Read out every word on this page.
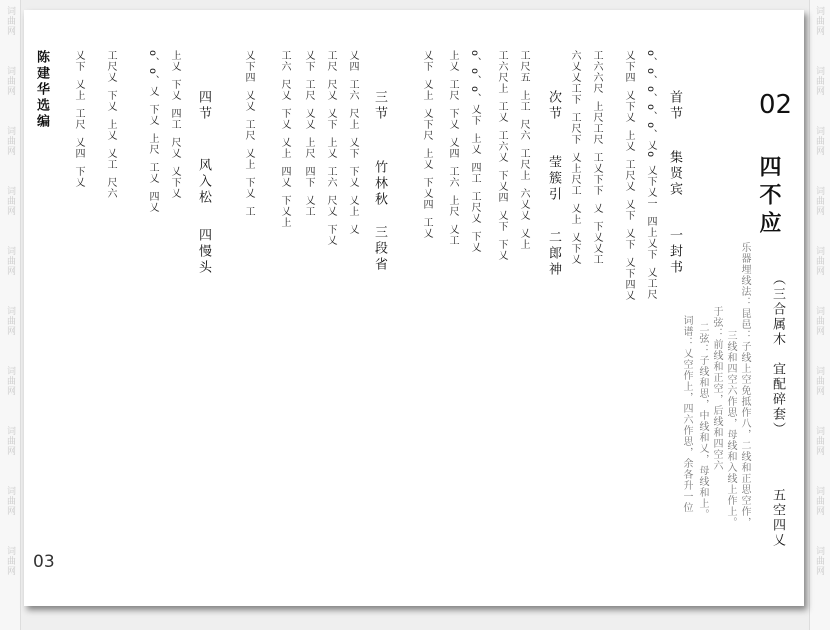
词曲网
词曲网
词曲网
词曲网
词曲网
词曲网
词曲网
词曲网
词曲网
词曲网
词曲网
词曲网
词曲网
词曲网
词曲网
词曲网
词曲网
词曲网
词曲网
词曲网
02
03
四不应
（三合属木　宜配碎套）
五空四乂
乐器埋线法：昆邑：子线上空免抵作八，二线和正思空作，
三线和四空六作思，母线和入线上作上。
于弦：前线和正空，后线和四空六
二弦：子线和思，中线和乂，母线和上。
词谱：乂空作上，四六作思，余各升一位
首节
集贤宾
一封书
次节
莹簇引
二郎神
三节
竹林秋
三段省
四节
风入松
四慢头
陈建华选编	o、o、o、o、o、乂o 乂下乂一 四上乂下 乂工尺
乂下四 乂下乂 上乂 工尺乂 乂下 乂下 乂下四乂
工六六尺 上尺工尺 工乂下下 乂 下乂乂工
六乂乂工下 工尺下 乂上尺工 乂上 乂下乂
工尺五 上工 尺六 工尺上 六乂乂 乂上
工六尺上 工乂 工六乂 下乂四 乂下 下乂
o、o、o、乂下 上乂 四工 工尺乂 下乂
上乂 工尺 下乂 乂四 工六 上尺 乂工
乂下 乂上 乂下尺 上乂 下乂四 工乂
乂四 工六 尺上 乂下 下乂 乂上 乂
工尺 尺乂 乂下 上乂 工六 尺乂 下乂
乂下 工尺 乂乂 上尺 四下 乂工
工六 尺乂 下乂 乂上 四乂 下乂上
乂下四 乂乂 工尺 乂上 下乂 工
上乂 下乂 四工 尺乂 乂下乂
o、o、乂 下乂 上尺 工乂 四乂
工尺乂 下乂 上乂 乂工 尺六
乂下 乂上 工尺 乂四 下乂
